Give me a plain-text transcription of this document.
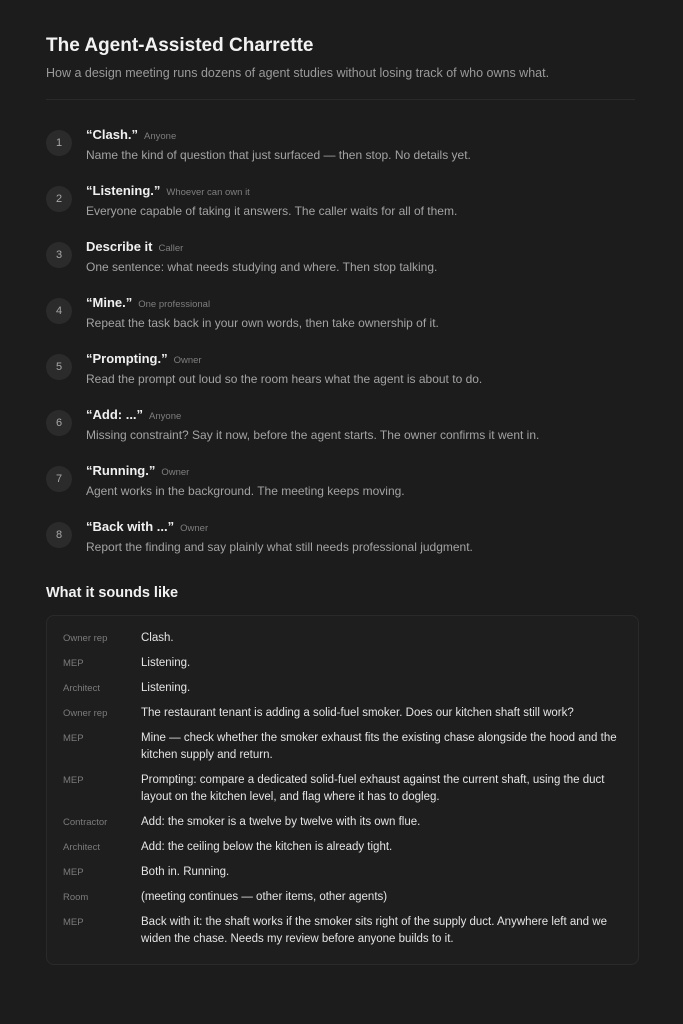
The Agent-Assisted Charrette
How a design meeting runs dozens of agent studies without losing track of who owns what.
1
“Clash.” Anyone
Name the kind of question that just surfaced — then stop. No details yet.
2
“Listening.” Whoever can own it
Everyone capable of taking it answers. The caller waits for all of them.
3
Describe it Caller
One sentence: what needs studying and where. Then stop talking.
4
“Mine.” One professional
Repeat the task back in your own words, then take ownership of it.
5
“Prompting.” Owner
Read the prompt out loud so the room hears what the agent is about to do.
6
“Add: ...” Anyone
Missing constraint? Say it now, before the agent starts. The owner confirms it went in.
7
“Running.” Owner
Agent works in the background. The meeting keeps moving.
8
“Back with ...” Owner
Report the finding and say plainly what still needs professional judgment.
What it sounds like
Owner rep	Clash.
MEP	Listening.
Architect	Listening.
Owner rep	The restaurant tenant is adding a solid-fuel smoker. Does our kitchen shaft still work?
MEP	Mine — check whether the smoker exhaust fits the existing chase alongside the hood and the kitchen supply and return.
MEP	Prompting: compare a dedicated solid-fuel exhaust against the current shaft, using the duct layout on the kitchen level, and flag where it has to dogleg.
Contractor	Add: the smoker is a twelve by twelve with its own flue.
Architect	Add: the ceiling below the kitchen is already tight.
MEP	Both in. Running.
Room	(meeting continues — other items, other agents)
MEP	Back with it: the shaft works if the smoker sits right of the supply duct. Anywhere left and we widen the chase. Needs my review before anyone builds to it.
